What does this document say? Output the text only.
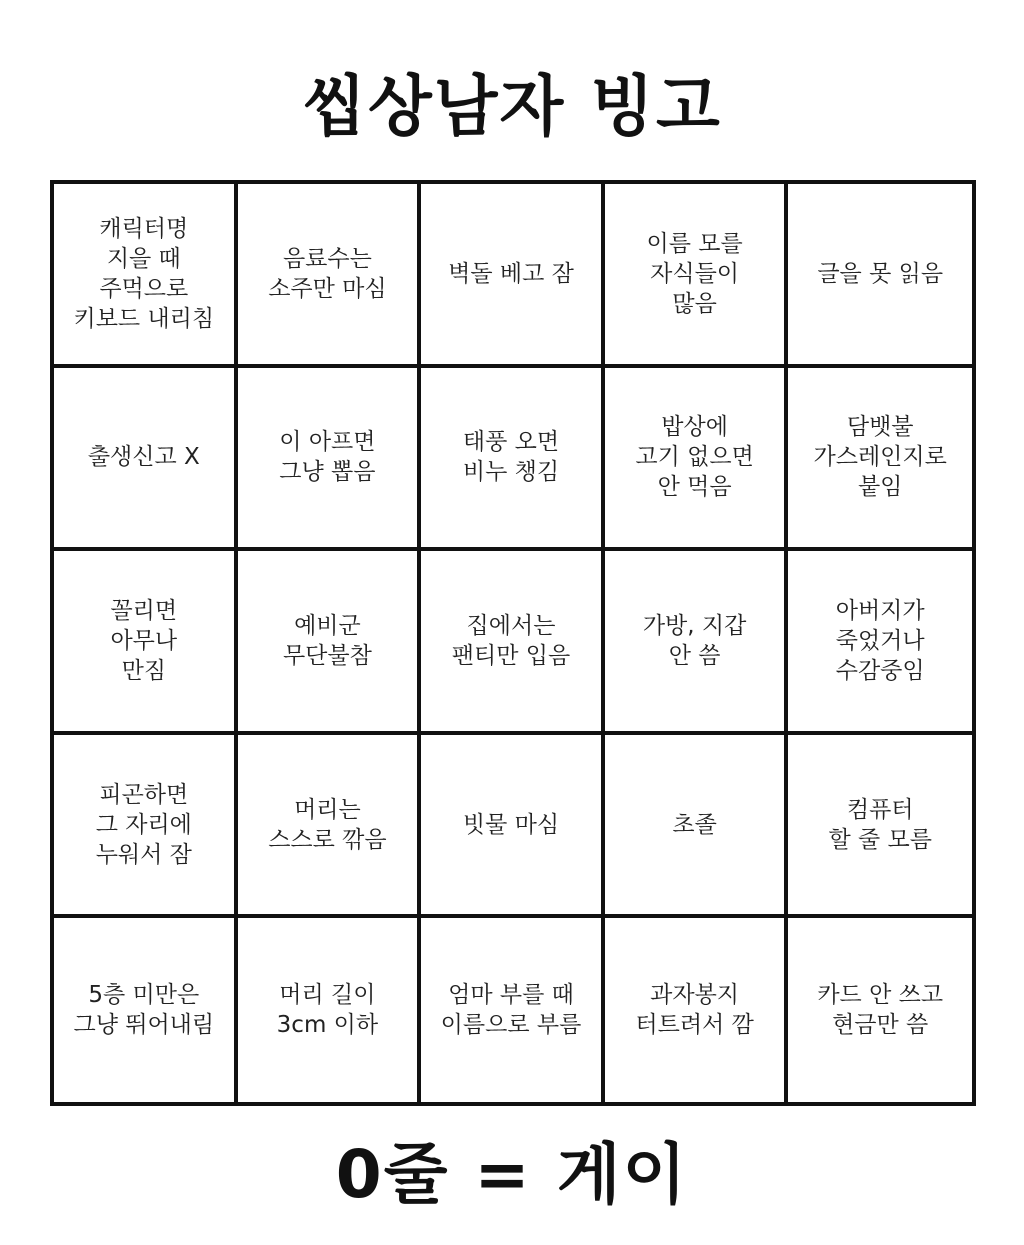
씹상남자 빙고
캐릭터명
지을 때
주먹으로
키보드 내리침
음료수는
소주만 마심
벽돌 베고 잠
이름 모를
자식들이
많음
글을 못 읽음
출생신고 X
이 아프면
그냥 뽑음
태풍 오면
비누 챙김
밥상에
고기 없으면
안 먹음
담뱃불
가스레인지로
붙임
꼴리면
아무나
만짐
예비군
무단불참
집에서는
팬티만 입음
가방, 지갑
안 씀
아버지가
죽었거나
수감중임
피곤하면
그 자리에
누워서 잠
머리는
스스로 깎음
빗물 마심	초졸
컴퓨터
할 줄 모름
5층 미만은
그냥 뛰어내림
머리 길이
3cm 이하
엄마 부를 때
이름으로 부름
과자봉지
터트려서 깜
카드 안 쓰고
현금만 씀
0줄 = 게이
